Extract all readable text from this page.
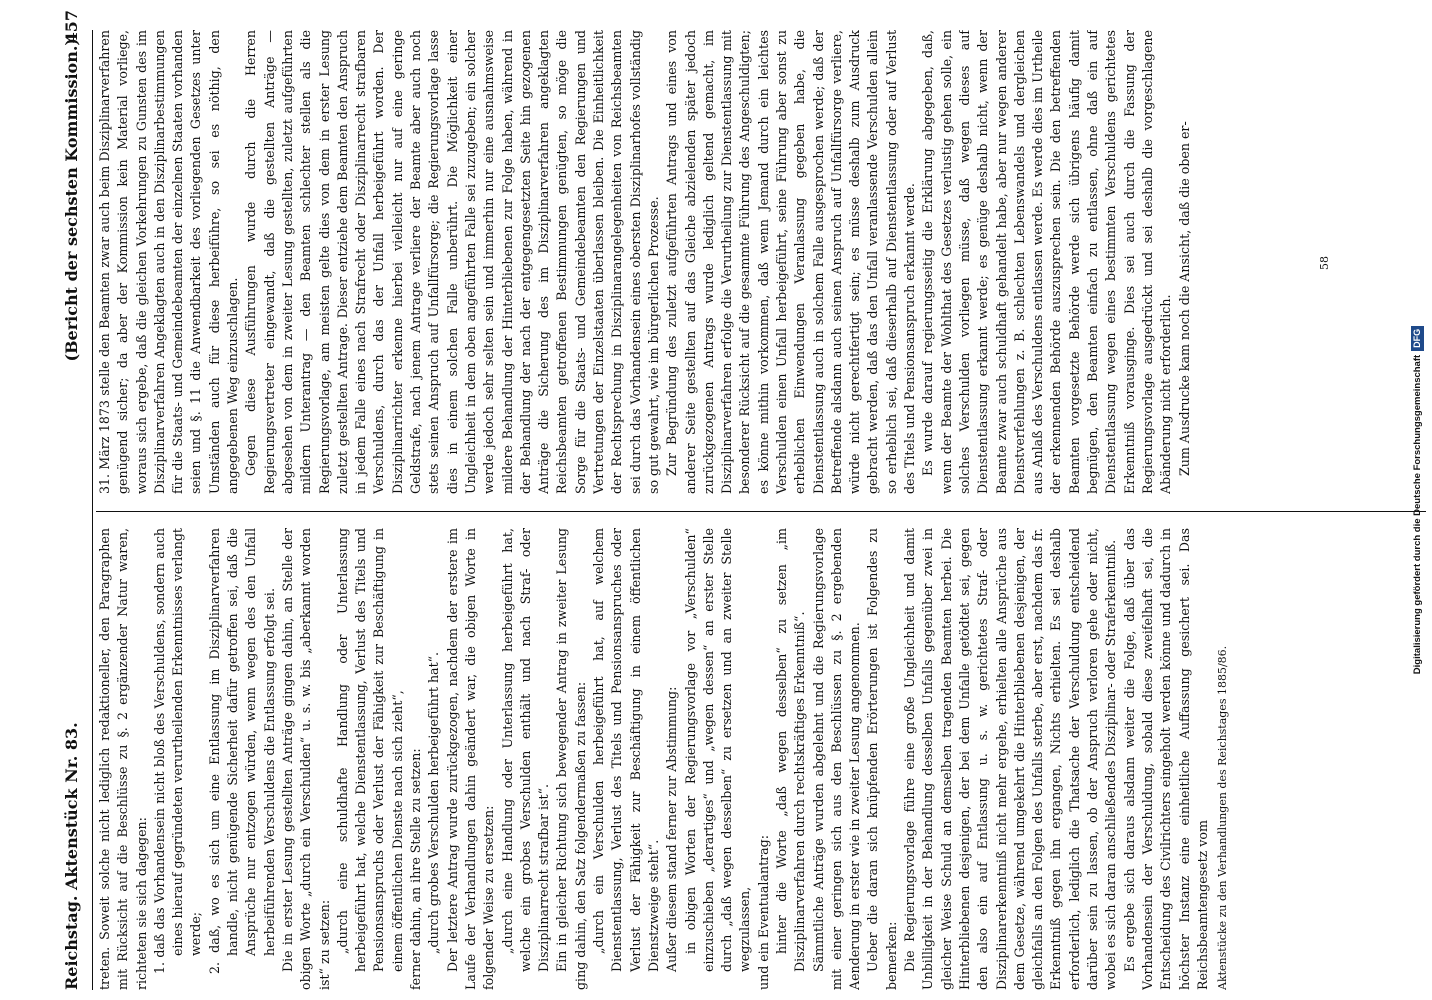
Reichstag. Aktenstück Nr. 83.
(Bericht der sechsten Kommission.)
457

treten. Soweit solche nicht lediglich redaktioneller, den Paragraphen mit Rücksicht auf die Beschlüsse zu §. 2 ergänzender Natur waren, richteten sie sich dagegen: 1. daß das Vorhandensein nicht bloß des Verschuldens, sondern auch eines hierauf gegründeten verurtheilenden Erkenntnisses verlangt werde; 2. daß, wo es sich um eine Entlassung im Disziplinarverfahren handle, nicht genügende Sicherheit dafür getroffen sei, daß die Ansprüche nur entzogen würden, wenn wegen des den Unfall herbeiführenden Verschuldens die Entlassung erfolgt sei. Die in erster Lesung gestellten Anträge gingen dahin, an Stelle der obigen Worte „durch ein Verschulden“ u. s. w. bis „aberkannt worden ist“ zu setzen: „durch eine schuldhafte Handlung oder Unterlassung herbeigeführt hat, welche Dienstentlassung, Verlust des Titels und Pensionsanspruchs oder Verlust der Fähigkeit zur Beschäftigung in einem öffentlichen Dienste nach sich zieht“, ferner dahin, an ihre Stelle zu setzen: „durch grobes Verschulden herbeigeführt hat“. Der letztere Antrag wurde zurückgezogen, nachdem der erstere im Laufe der Verhandlungen dahin geändert war, die obigen Worte in folgender Weise zu ersetzen: „durch eine Handlung oder Unterlassung herbeigeführt hat, welche ein grobes Verschulden enthält und nach Straf- oder Disziplinarrecht strafbar ist“. Ein in gleicher Richtung sich bewegender Antrag in zweiter Lesung ging dahin, den Satz folgendermaßen zu fassen: „durch ein Verschulden herbeigeführt hat, auf welchem Dienstentlassung, Verlust des Titels und Pensionsanspruches oder Verlust der Fähigkeit zur Beschäftigung in einem öffentlichen Dienstzweige steht“. Außer diesem stand ferner zur Abstimmung: in obigen Worten der Regierungsvorlage vor „Verschulden“ einzuschieben „derartiges“ und „wegen dessen“ an erster Stelle durch „daß wegen desselben“ zu ersetzen und an zweiter Stelle wegzulassen, und ein Eventualantrag: hinter die Worte „daß wegen desselben“ zu setzen „im Disziplinarverfahren durch rechtskräftiges Erkenntniß“. Sämmtliche Anträge wurden abgelehnt und die Regierungsvorlage mit einer geringen sich aus den Beschlüssen zu §. 2 ergebenden Aenderung in erster wie in zweiter Lesung angenommen. Ueber die daran sich knüpfenden Erörterungen ist Folgendes zu bemerken: Die Regierungsvorlage führe eine große Ungleichheit und damit Unbilligkeit in der Behandlung desselben Unfalls gegenüber zwei in gleicher Weise Schuld an demselben tragenden Beamten herbei. Die Hinterbliebenen desjenigen, der bei dem Unfalle getödtet sei, gegen den also ein auf Entlassung u. s. w. gerichtetes Straf- oder Disziplinarerkenntniß nicht mehr ergehe, erhielten alle Ansprüche aus dem Gesetze, während umgekehrt die Hinterbliebenen desjenigen, der gleichfalls an den Folgen des Unfalls sterbe, aber erst, nachdem das fr. Erkenntniß gegen ihn ergangen, Nichts erhielten. Es sei deshalb erforderlich, lediglich die Thatsache der Verschuldung entscheidend darüber sein zu lassen, ob der Anspruch verloren gehe oder nicht, wobei es sich daran anschließendes Disziplinar- oder Straferkenntniß. Es ergebe sich daraus alsdann weiter die Folge, daß über das Vorhandensein der Verschuldung, sobald diese zweifelhaft sei, die Entscheidung des Civilrichters eingeholt werden könne und dadurch in höchster Instanz eine einheitliche Auffassung gesichert sei. Das Reichsbeamtengesetz vom Aktenstücke zu den Verhandlungen des Reichstages 1885/86.

31. März 1873 stelle den Beamten zwar auch beim Disziplinarverfahren genügend sicher; da aber der Kommission kein Material vorliege, woraus sich ergebe, daß die gleichen Vorkehrungen zu Gunsten des im Disziplinarverfahren Angeklagten auch in den Disziplinarbestimmungen für die Staats- und Gemeindebeamten der einzelnen Staaten vorhanden seien und §. 11 die Anwendbarkeit des vorliegenden Gesetzes unter Umständen auch für diese herbeiführe, so sei es nöthig, den angegebenen Weg einzuschlagen. Gegen diese Ausführungen wurde durch die Herren Regierungsvertreter eingewandt, daß die gestellten Anträge — abgesehen von dem in zweiter Lesung gestellten, zuletzt aufgeführten mildern Unterantrag — den Beamten schlechter stellen als die Regierungsvorlage, am meisten gelte dies von dem in erster Lesung zuletzt gestellten Antrage. Dieser entziehe dem Beamten den Anspruch in jedem Falle eines nach Strafrecht oder Disziplinarrecht strafbaren Verschuldens, durch das der Unfall herbeigeführt worden. Der Disziplinarrichter erkenne hierbei vielleicht nur auf eine geringe Geldstrafe, nach jenem Antrage verliere der Beamte aber auch noch stets seinen Anspruch auf Unfallfürsorge; die Regierungsvorlage lasse dies in einem solchen Falle unberührt. Die Möglichkeit einer Ungleichheit in dem oben angeführten Falle sei zuzugeben; ein solcher werde jedoch sehr selten sein und immerhin nur eine ausnahmsweise mildere Behandlung der Hinterbliebenen zur Folge haben, während in der Behandlung der nach der entgegengesetzten Seite hin gezogenen Anträge die Sicherung des im Disziplinarverfahren angeklagten Reichsbeamten getroffenen Bestimmungen genügten, so möge die Sorge für die Staats- und Gemeindebeamten den Regierungen und Vertretungen der Einzelstaaten überlassen bleiben. Die Einheitlichkeit der Rechtsprechung in Disziplinarangelegenheiten von Reichsbeamten sei durch das Vorhandensein eines obersten Disziplinarhofes vollständig so gut gewahrt, wie im bürgerlichen Prozesse. Zur Begründung des zuletzt aufgeführten Antrags und eines von anderer Seite gestellten auf das Gleiche abzielenden später jedoch zurückgezogenen Antrags wurde lediglich geltend gemacht, im Disziplinarverfahren erfolge die Verurtheilung zur Dienstentlassung mit besonderer Rücksicht auf die gesammte Führung des Angeschuldigten; es könne mithin vorkommen, daß wenn Jemand durch ein leichtes Verschulden einen Unfall herbeigeführt, seine Führung aber sonst zu erheblichen Einwendungen Veranlassung gegeben habe, die Dienstentlassung auch in solchem Falle ausgesprochen werde; daß der Betreffende alsdann auch seinen Anspruch auf Unfallfürsorge verliere, würde nicht gerechtfertigt sein; es müsse deshalb zum Ausdruck gebracht werden, daß das den Unfall veranlassende Verschulden allein so erheblich sei, daß dieserhalb auf Dienstentlassung oder auf Verlust des Titels und Pensionsanspruch erkannt werde. Es wurde darauf regierungsseitig die Erklärung abgegeben, daß, wenn der Beamte der Wohlthat des Gesetzes verlustig gehen solle, ein solches Verschulden vorliegen müsse, daß wegen dieses auf Dienstentlassung erkannt werde; es genüge deshalb nicht, wenn der Beamte zwar auch schuldhaft gehandelt habe, aber nur wegen anderer Dienstverfehlungen z. B. schlechten Lebenswandels und dergleichen aus Anlaß des Verschuldens entlassen werde. Es werde dies im Urtheile der erkennenden Behörde auszusprechen sein. Die den betreffenden Beamten vorgesetzte Behörde werde sich übrigens häufig damit begnügen, den Beamten einfach zu entlassen, ohne daß ein auf Dienstentlassung wegen eines bestimmten Verschuldens gerichtetes Erkenntniß vorausginge. Dies sei auch durch die Fassung der Regierungsvorlage ausgedrückt und sei deshalb die vorgeschlagene Abänderung nicht erforderlich. Zum Ausdrucke kam noch die Ansicht, daß die oben er-	58
Digitalisierung gefördert durch die Deutsche ForschungsgemeinschaftDFG
